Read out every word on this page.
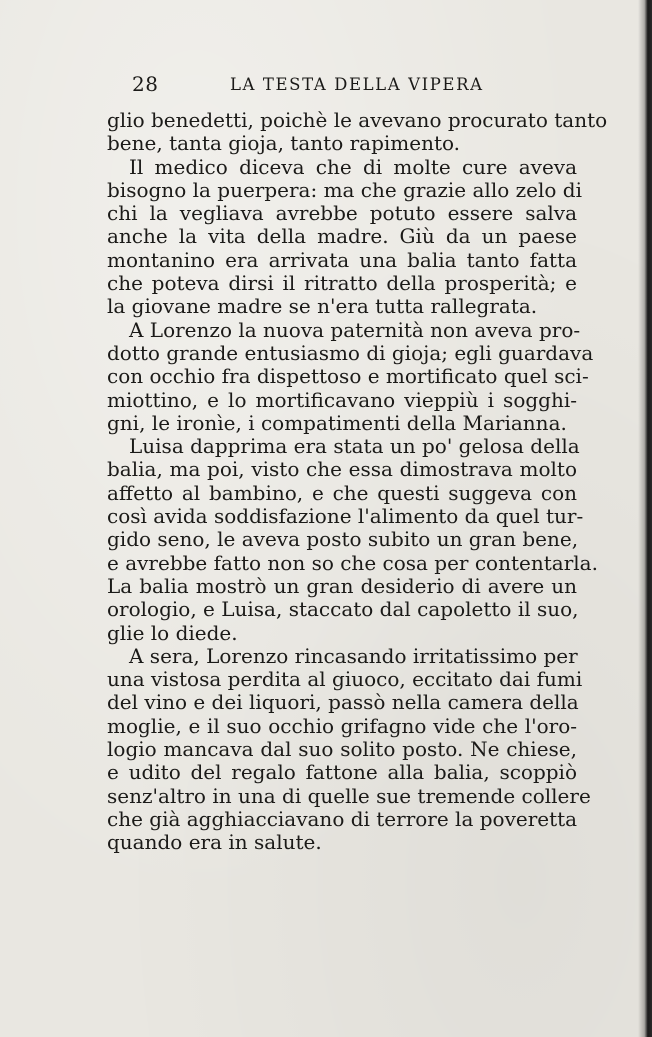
28	LA TESTA DELLA VIPERA
glio benedetti, poichè le avevano procurato tanto
bene, tanta gioja, tanto rapimento.
Il medico diceva che di molte cure aveva
bisogno la puerpera: ma che grazie allo zelo di
chi la vegliava avrebbe potuto essere salva
anche la vita della madre. Giù da un paese
montanino era arrivata una balia tanto fatta
che poteva dirsi il ritratto della prosperità; e
la giovane madre se n'era tutta rallegrata.
A Lorenzo la nuova paternità non aveva pro-
dotto grande entusiasmo di gioja; egli guardava
con occhio fra dispettoso e mortificato quel sci-
miottino, e lo mortificavano vieppiù i sogghi-
gni, le ironìe, i compatimenti della Marianna.
Luisa dapprima era stata un po' gelosa della
balia, ma poi, visto che essa dimostrava molto
affetto al bambino, e che questi suggeva con
così avida soddisfazione l'alimento da quel tur-
gido seno, le aveva posto subito un gran bene,
e avrebbe fatto non so che cosa per contentarla.
La balia mostrò un gran desiderio di avere un
orologio, e Luisa, staccato dal capoletto il suo,
glie lo diede.
A sera, Lorenzo rincasando irritatissimo per
una vistosa perdita al giuoco, eccitato dai fumi
del vino e dei liquori, passò nella camera della
moglie, e il suo occhio grifagno vide che l'oro-
logio mancava dal suo solito posto. Ne chiese,
e udito del regalo fattone alla balia, scoppiò
senz'altro in una di quelle sue tremende collere
che già agghiacciavano di terrore la poveretta
quando era in salute.
